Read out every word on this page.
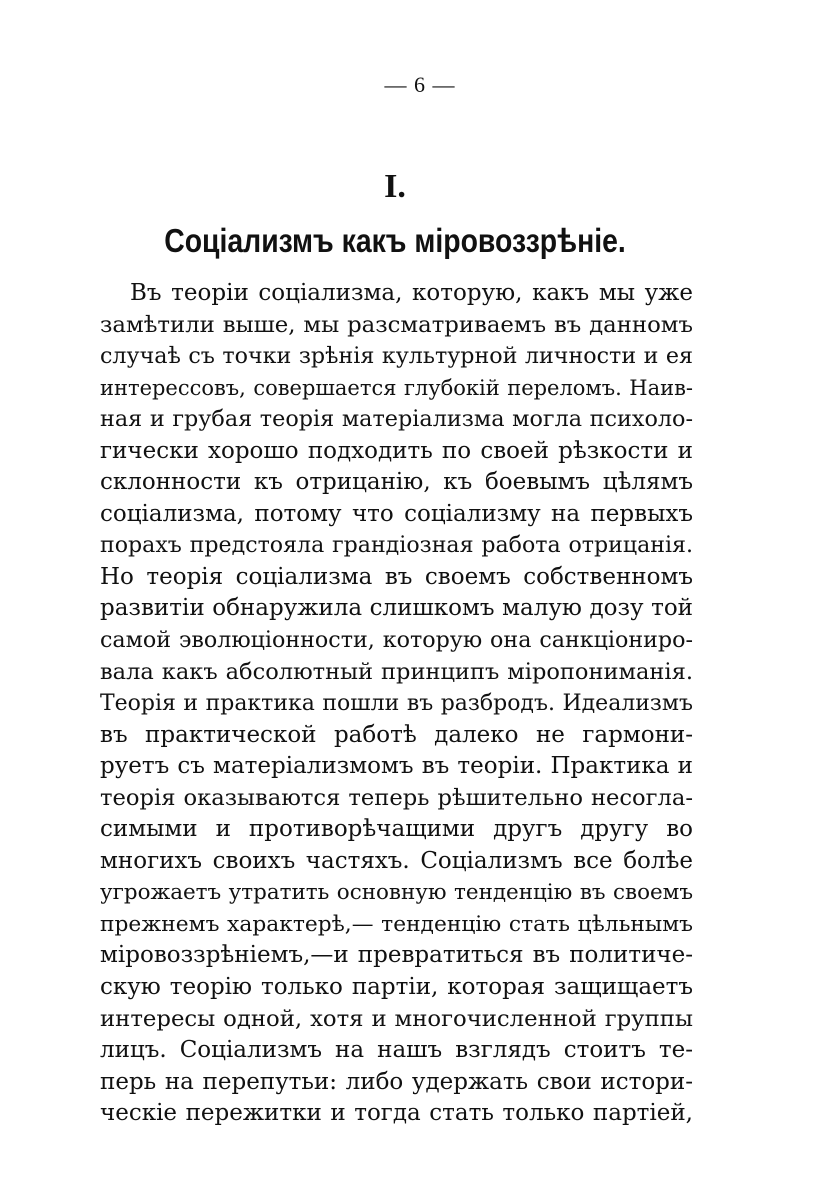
— 6 —
I.
Соціализмъ какъ міровоззрѣніе.
Въ теоріи соціализма, которую, какъ мы уже
замѣтили выше, мы разсматриваемъ въ данномъ
случаѣ съ точки зрѣнія культурной личности и ея
интерессовъ, совершается глубокій переломъ. Наив-
ная и грубая теорія матеріализма могла психоло-
гически хорошо подходить по своей рѣзкости и
склонности къ отрицанію, къ боевымъ цѣлямъ
соціализма, потому что соціализму на первыхъ
порахъ предстояла грандіозная работа отрицанія.
Но теорія соціализма въ своемъ собственномъ
развитіи обнаружила слишкомъ малую дозу той
самой эволюціонности, которую она санкціониро-
вала какъ абсолютный принципъ міропониманія.
Теорія и практика пошли въ разбродъ. Идеализмъ
въ практической работѣ далеко не гармони-
руетъ съ матеріализмомъ въ теоріи. Практика и
теорія оказываются теперь рѣшительно несогла-
симыми и противорѣчащими другъ другу во
многихъ своихъ частяхъ. Соціализмъ все болѣе
угрожаетъ утратить основную тенденцію въ своемъ
прежнемъ характерѣ,— тенденцію стать цѣльнымъ
міровоззрѣніемъ,—и превратиться въ политиче-
скую теорію только партіи, которая защищаетъ
интересы одной, хотя и многочисленной группы
лицъ. Соціализмъ на нашъ взглядъ стоитъ те-
перь на перепутьи: либо удержать свои истори-
ческіе пережитки и тогда стать только партіей,
